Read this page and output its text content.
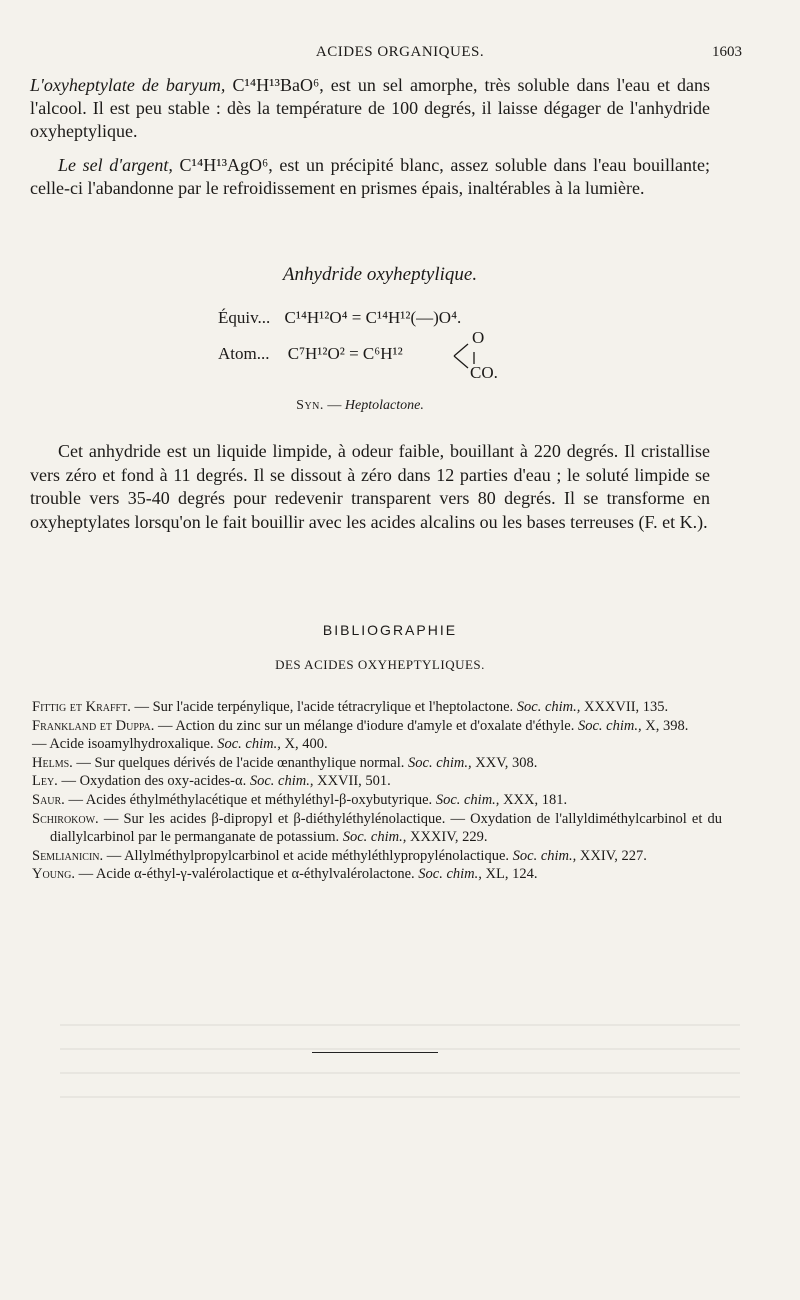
ACIDES ORGANIQUES.	1603
L'oxyheptylate de baryum, C¹⁴H¹³BaO⁶, est un sel amorphe, très soluble dans l'eau et dans l'alcool. Il est peu stable : dès la température de 100 degrés, il laisse dégager de l'anhydride oxyheptylique.
Le sel d'argent, C¹⁴H¹³AgO⁶, est un précipité blanc, assez soluble dans l'eau bouillante; celle-ci l'abandonne par le refroidissement en prismes épais, inaltérables à la lumière.
Anhydride oxyheptylique.
Équiv... C¹⁴H¹²O⁴ = C¹⁴H¹²(—)O⁴.
Atom... C⁷H¹²O² = C⁶H¹²
O
CO.
Syn. — Heptolactone.
Cet anhydride est un liquide limpide, à odeur faible, bouillant à 220 degrés. Il cristallise vers zéro et fond à 11 degrés. Il se dissout à zéro dans 12 parties d'eau ; le soluté limpide se trouble vers 35-40 degrés pour redevenir transparent vers 80 degrés. Il se transforme en oxyheptylates lorsqu'on le fait bouillir avec les acides alcalins ou les bases terreuses (F. et K.).
BIBLIOGRAPHIE
DES ACIDES OXYHEPTYLIQUES.
Fittig et Krafft. — Sur l'acide terpénylique, l'acide tétracrylique et l'heptolactone. Soc. chim., XXXVII, 135.
Frankland et Duppa. — Action du zinc sur un mélange d'iodure d'amyle et d'oxalate d'éthyle. Soc. chim., X, 398.
— Acide isoamylhydroxalique. Soc. chim., X, 400.
Helms. — Sur quelques dérivés de l'acide œnanthylique normal. Soc. chim., XXV, 308.
Ley. — Oxydation des oxy-acides-α. Soc. chim., XXVII, 501.
Saur. — Acides éthylméthylacétique et méthyléthyl-β-oxybutyrique. Soc. chim., XXX, 181.
Schirokow. — Sur les acides β-dipropyl et β-diéthyléthylénolactique. — Oxydation de l'allyldiméthylcarbinol et du diallylcarbinol par le permanganate de potassium. Soc. chim., XXXIV, 229.
Semlianicin. — Allylméthylpropylcarbinol et acide méthyléthlypropylénolactique. Soc. chim., XXIV, 227.
Young. — Acide α-éthyl-γ-valérolactique et α-éthylvalérolactone. Soc. chim., XL, 124.
